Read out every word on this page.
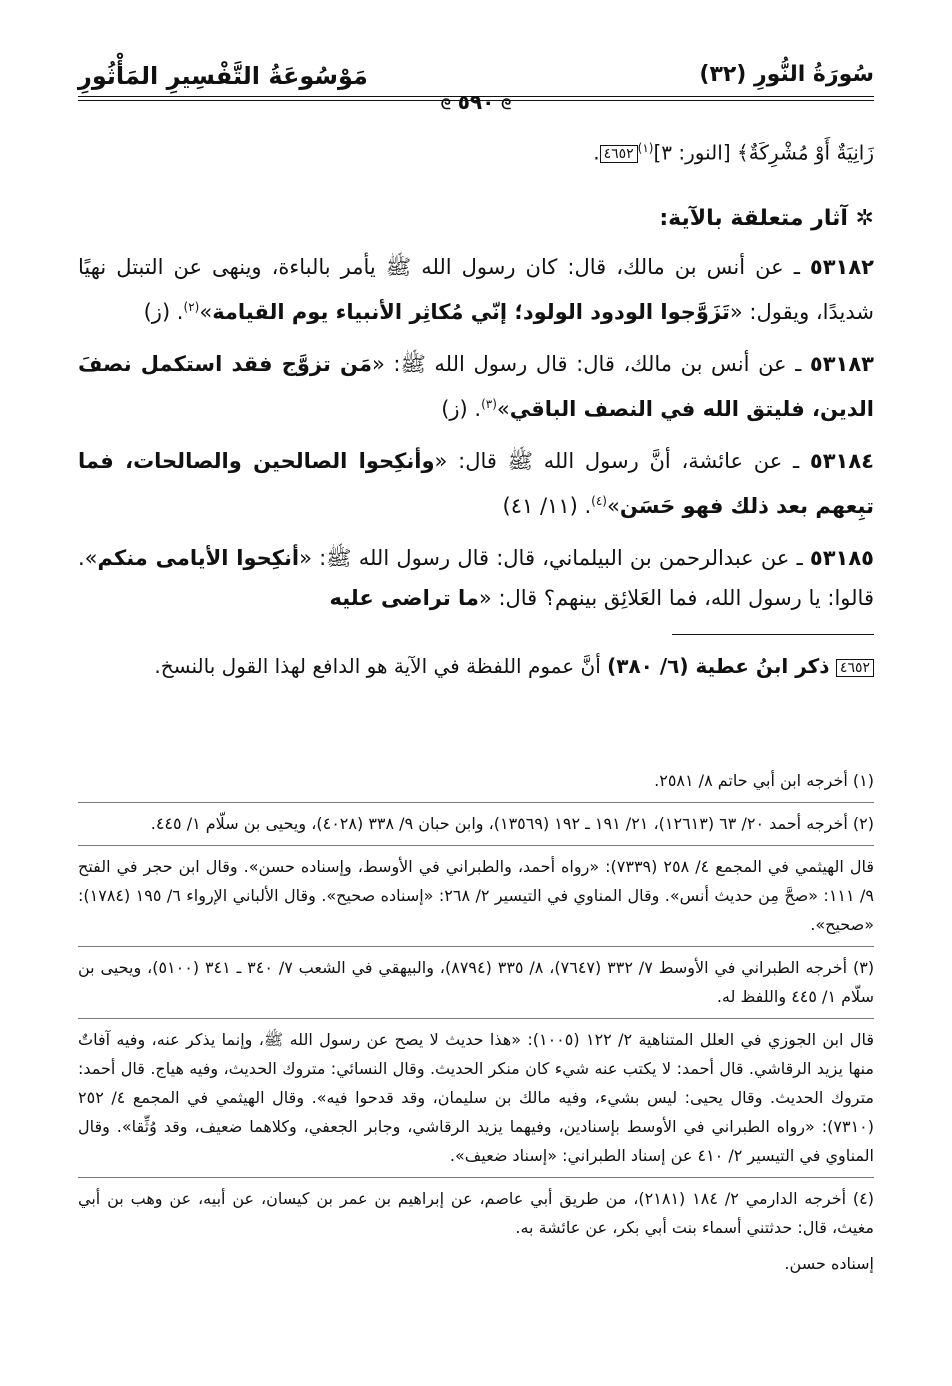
سُورَةُ النُّورِ (٣٢)
مَوْسُوعَةُ التَّفْسِيرِ المَأْثُورِ
ᘓ ٥٩٠ ᘓ
زَانِيَةٌ أَوْ مُشْرِكَةٌ﴾ [النور: ٣]$^{(١)}$٤٦٥٢.
✲ آثار متعلقة بالآية:
٥٣١٨٢ ـ عن أنس بن مالك، قال: كان رسول الله ﷺ يأمر بالباءة، وينهى عن التبتل نهيًا شديدًا، ويقول: «تَزَوَّجوا الودود الولود؛ إنّي مُكاثِر الأنبياء يوم القيامة»$^{(٢)}$. (ز)
٥٣١٨٣ ـ عن أنس بن مالك، قال: قال رسول الله ﷺ: «مَن تزوَّج فقد استكمل نصفَ الدين، فليتق الله في النصف الباقي»$^{(٣)}$. (ز)
٥٣١٨٤ ـ عن عائشة، أنَّ رسول الله ﷺ قال: «وأنكِحوا الصالحين والصالحات، فما تبِعهم بعد ذلك فهو حَسَن»$^{(٤)}$. (١١/ ٤١)
٥٣١٨٥ ـ عن عبدالرحمن بن البيلماني، قال: قال رسول الله ﷺ: «أنكِحوا الأيامى منكم». قالوا: يا رسول الله، فما العَلائِق بينهم؟ قال: «ما تراضى عليه
٤٦٥٢ ذكر ابنُ عطية (٦/ ٣٨٠) أنَّ عموم اللفظة في الآية هو الدافع لهذا القول بالنسخ.
(١) أخرجه ابن أبي حاتم ٨/ ٢٥٨١.
(٢) أخرجه أحمد ٢٠/ ٦٣ (١٢٦١٣)، ٢١/ ١٩١ ـ ١٩٢ (١٣٥٦٩)، وابن حبان ٩/ ٣٣٨ (٤٠٢٨)، ويحيى بن سلّام ١/ ٤٤٥.
قال الهيثمي في المجمع ٤/ ٢٥٨ (٧٣٣٩): «رواه أحمد، والطبراني في الأوسط، وإسناده حسن». وقال ابن حجر في الفتح ٩/ ١١١: «صحَّ مِن حديث أنس». وقال المناوي في التيسير ٢/ ٢٦٨: «إسناده صحيح». وقال الألباني الإرواء ٦/ ١٩٥ (١٧٨٤): «صحيح».
(٣) أخرجه الطبراني في الأوسط ٧/ ٣٣٢ (٧٦٤٧)، ٨/ ٣٣٥ (٨٧٩٤)، والبيهقي في الشعب ٧/ ٣٤٠ ـ ٣٤١ (٥١٠٠)، ويحيى بن سلّام ١/ ٤٤٥ واللفظ له.
قال ابن الجوزي في العلل المتناهية ٢/ ١٢٢ (١٠٠٥): «هذا حديث لا يصح عن رسول الله ﷺ، وإنما يذكر عنه، وفيه آفاتٌ منها يزيد الرقاشي. قال أحمد: لا يكتب عنه شيء كان منكر الحديث. وقال النسائي: متروك الحديث، وفيه هياج. قال أحمد: متروك الحديث. وقال يحيى: ليس بشيء، وفيه مالك بن سليمان، وقد قدحوا فيه». وقال الهيثمي في المجمع ٤/ ٢٥٢ (٧٣١٠): «رواه الطبراني في الأوسط بإسنادين، وفيهما يزيد الرقاشي، وجابر الجعفي، وكلاهما ضعيف، وقد وُثِّقا». وقال المناوي في التيسير ٢/ ٤١٠ عن إسناد الطبراني: «إسناد ضعيف».
(٤) أخرجه الدارمي ٢/ ١٨٤ (٢١٨١)، من طريق أبي عاصم، عن إبراهيم بن عمر بن كيسان، عن أبيه، عن وهب بن أبي مغيث، قال: حدثتني أسماء بنت أبي بكر، عن عائشة به.
إسناده حسن.
